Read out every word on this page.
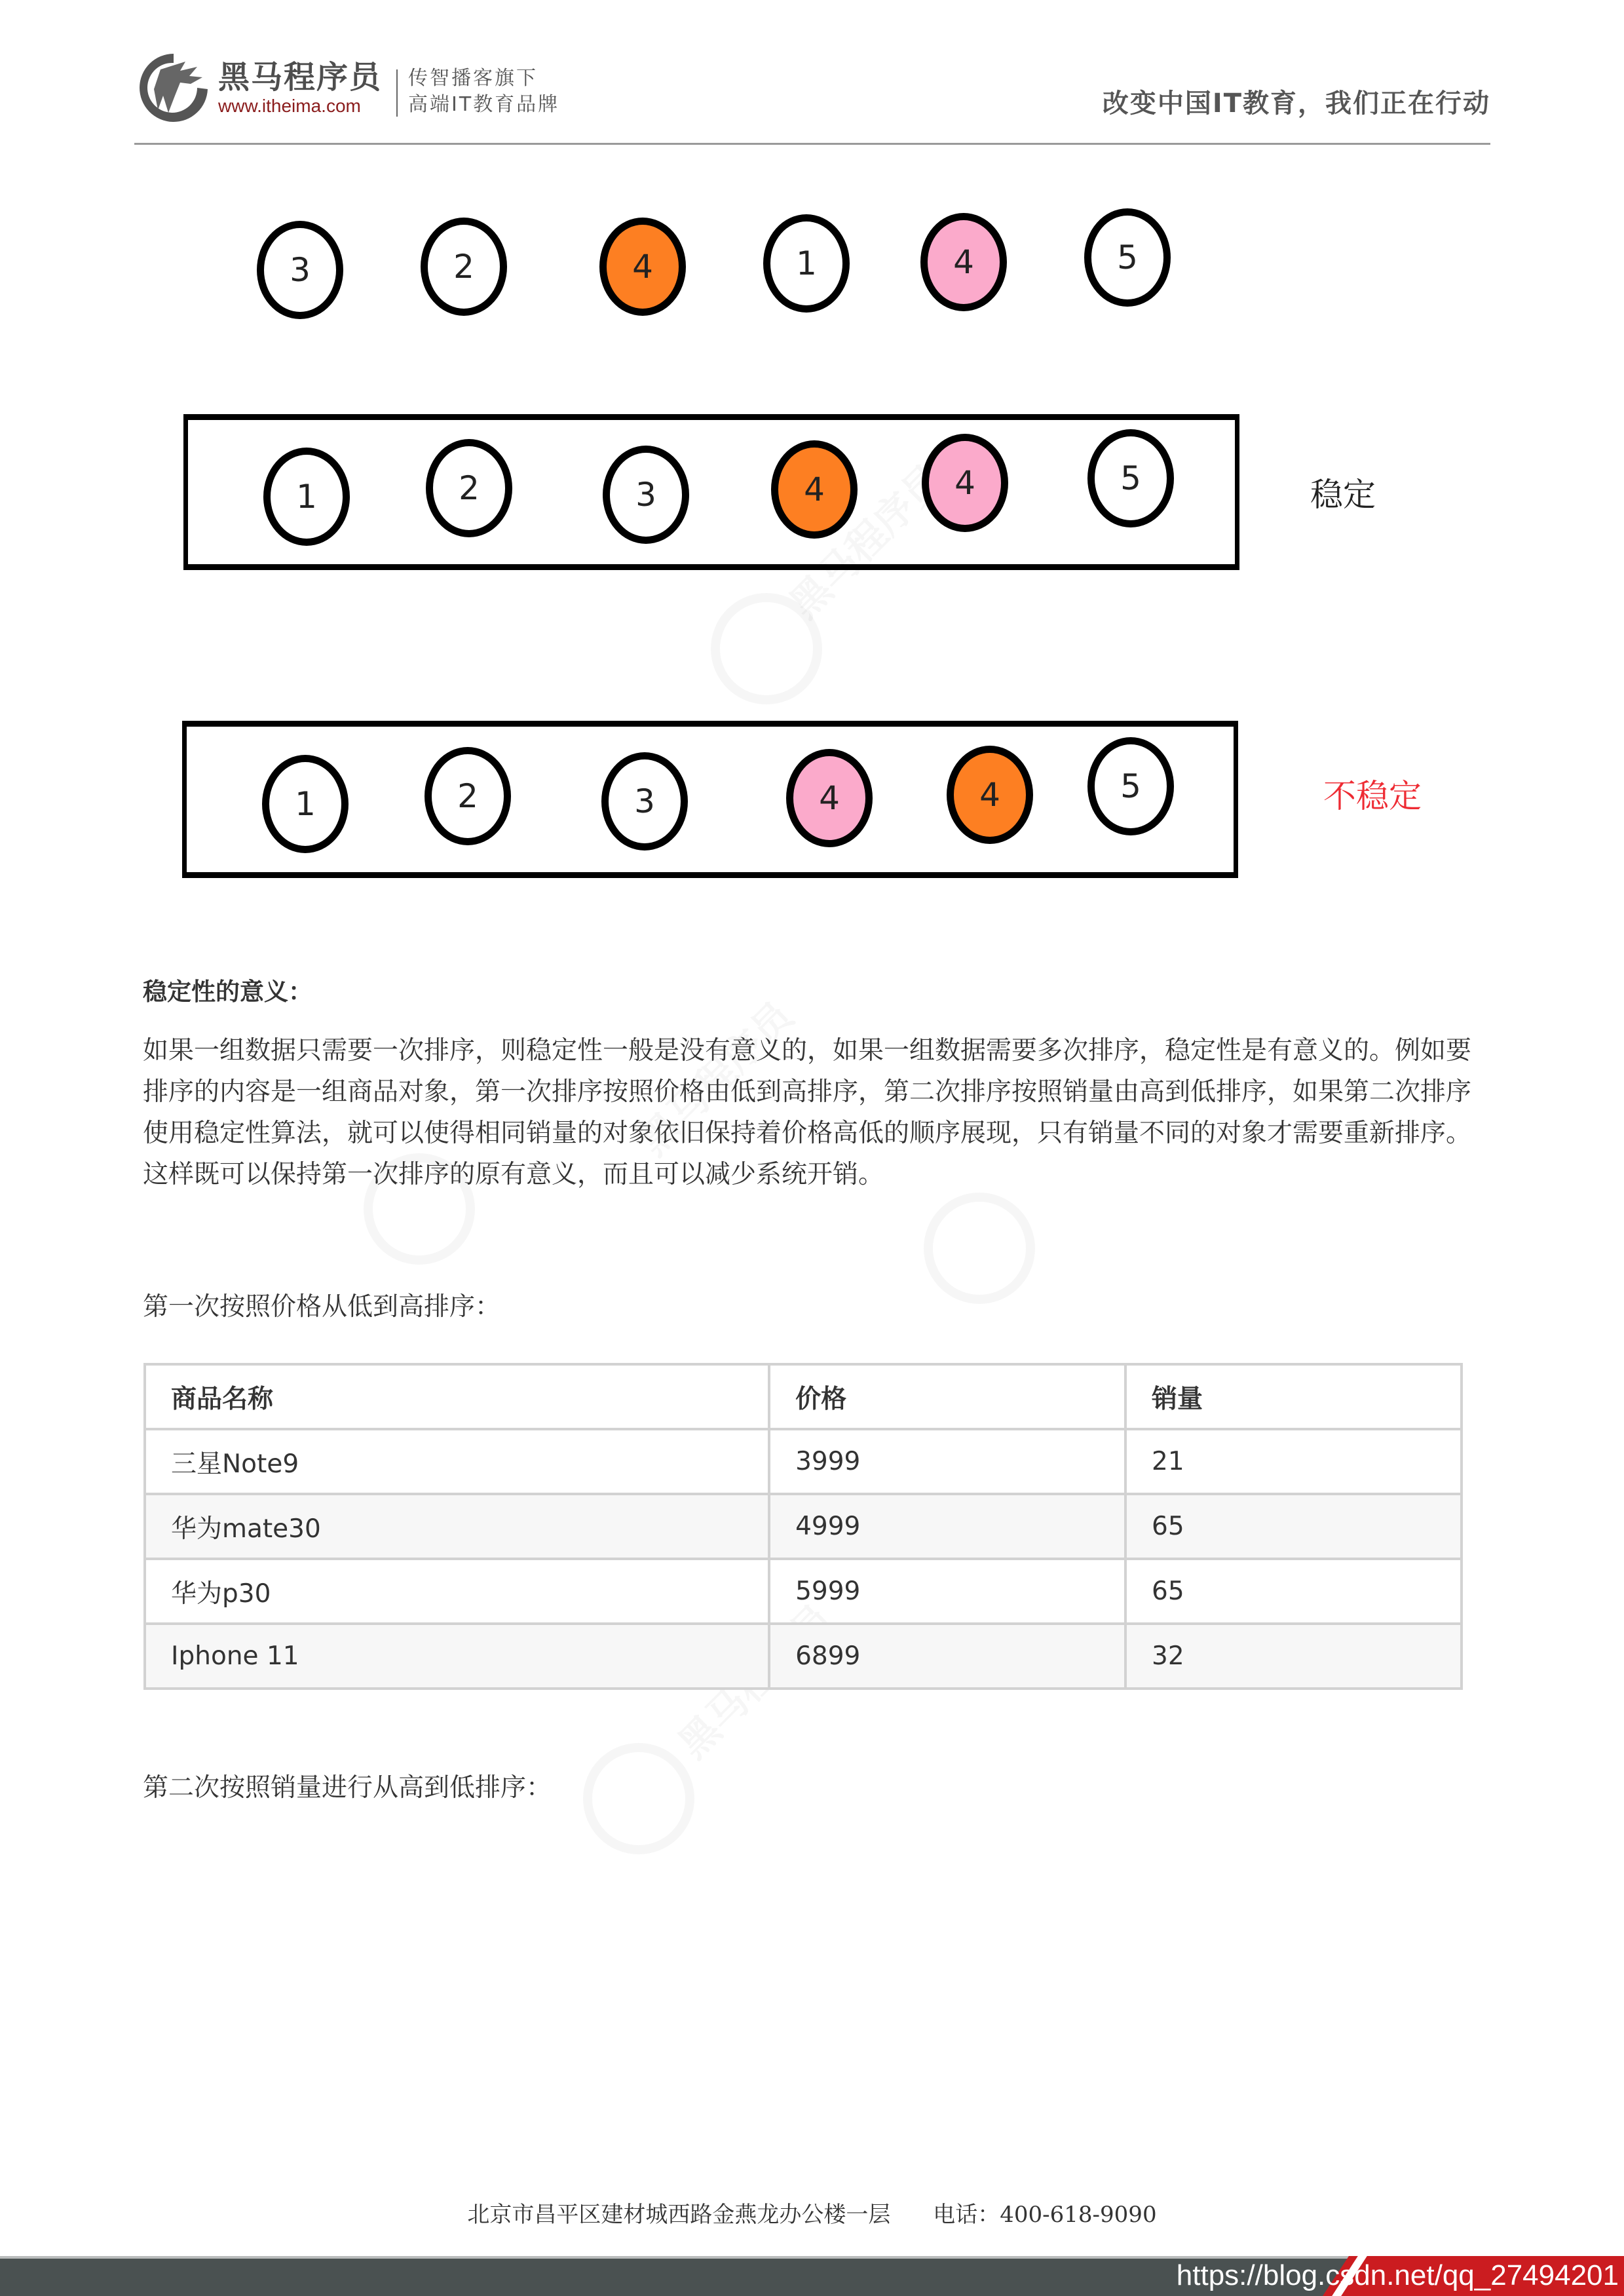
黑马程序员
www.itheima.com
传智播客旗下
高端IT教育品牌	改变中国IT教育，我们正在行动
3	2	4	1	4	5
1	2	3	4	4	5	稳定
1	2	3	4	4	5	不稳定
稳定性的意义：
如果一组数据只需要一次排序，则稳定性一般是没有意义的，如果一组数据需要多次排序，稳定性是有意义的。例如要排序的内容是一组商品对象，第一次排序按照价格由低到高排序，第二次排序按照销量由高到低排序，如果第二次排序使用稳定性算法，就可以使得相同销量的对象依旧保持着价格高低的顺序展现，只有销量不同的对象才需要重新排序。这样既可以保持第一次排序的原有意义，而且可以减少系统开销。
第一次按照价格从低到高排序：
商品名称	价格	销量
三星Note9	3999	21
华为mate30	4999	65
华为p30	5999	65
Iphone 11	6899	32
第二次按照销量进行从高到低排序：
北京市昌平区建材城西路金燕龙办公楼一层 电话：400-618-9090
https://blog.csdn.net/qq_27494201
